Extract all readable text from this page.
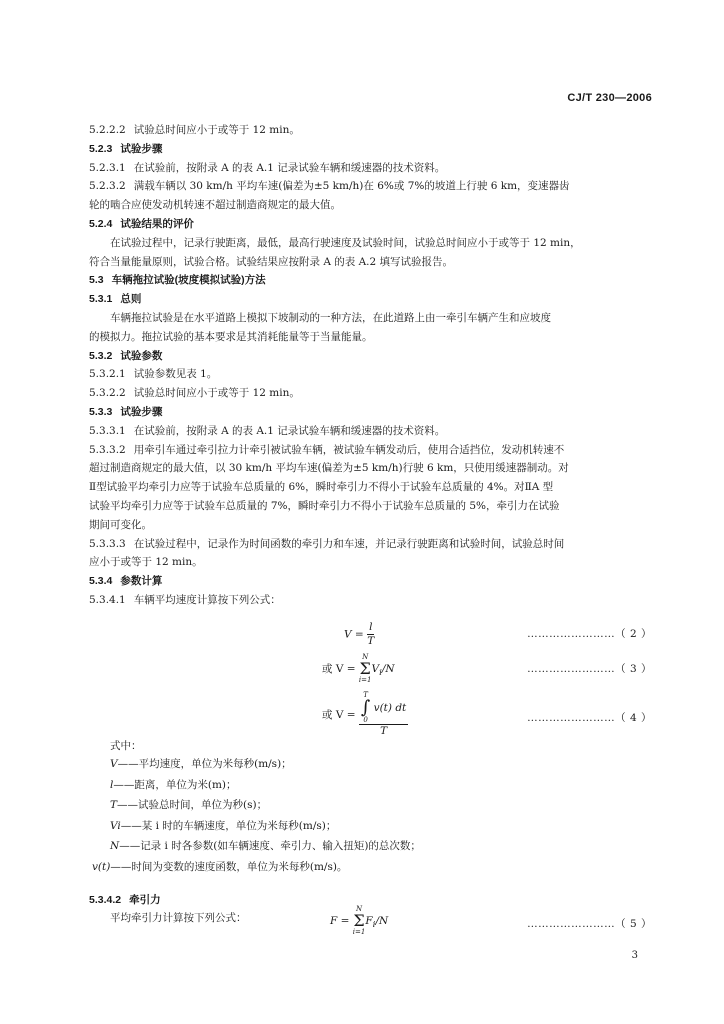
CJ/T 230—2006
5.2.2.2 试验总时间应小于或等于 12 min。
5.2.3 试验步骤
5.2.3.1 在试验前，按附录 A 的表 A.1 记录试验车辆和缓速器的技术资料。
5.2.3.2 满载车辆以 30 km/h 平均车速(偏差为±5 km/h)在 6%或 7%的坡道上行驶 6 km，变速器齿
轮的啮合应使发动机转速不超过制造商规定的最大值。
5.2.4 试验结果的评价
在试验过程中，记录行驶距离，最低，最高行驶速度及试验时间，试验总时间应小于或等于 12 min，
符合当量能量原则，试验合格。试验结果应按附录 A 的表 A.2 填写试验报告。
5.3 车辆拖拉试验(坡度模拟试验)方法
5.3.1 总则
车辆拖拉试验是在水平道路上模拟下坡制动的一种方法，在此道路上由一牵引车辆产生和应坡度
的模拟力。拖拉试验的基本要求是其消耗能量等于当量能量。
5.3.2 试验参数
5.3.2.1 试验参数见表 1。
5.3.2.2 试验总时间应小于或等于 12 min。
5.3.3 试验步骤
5.3.3.1 在试验前，按附录 A 的表 A.1 记录试验车辆和缓速器的技术资料。
5.3.3.2 用牵引车通过牵引拉力计牵引被试验车辆，被试验车辆发动后，使用合适挡位，发动机转速不
超过制造商规定的最大值，以 30 km/h 平均车速(偏差为±5 km/h)行驶 6 km，只使用缓速器制动。对
Ⅱ型试验平均牵引力应等于试验车总质量的 6%，瞬时牵引力不得小于试验车总质量的 4%。对ⅡA 型
试验平均牵引力应等于试验车总质量的 7%，瞬时牵引力不得小于试验车总质量的 5%，牵引力在试验
期间可变化。
5.3.3.3 在试验过程中，记录作为时间函数的牵引力和车速，并记录行驶距离和试验时间，试验总时间
应小于或等于 12 min。
5.3.4 参数计算
5.3.4.1 车辆平均速度计算按下列公式：
$V = \frac{l}{T}$	……………………（ 2 ）
或 V =
N
Σ
i=1
$V_i/N$	……………………（ 3 ）
或 V = T
∫
0
v(t) dt
T	……………………（ 4 ）
式中：
V——平均速度，单位为米每秒(m/s)；
l——距离，单位为米(m)；
T——试验总时间，单位为秒(s)；
Vi——某 i 时的车辆速度，单位为米每秒(m/s)；
N——记录 i 时各参数(如车辆速度、牵引力、输入扭矩)的总次数；
v(t)——时间为变数的速度函数，单位为米每秒(m/s)。
5.3.4.2 牵引力
平均牵引力计算按下列公式：	F =
N
Σ
i=1
$F_i/N$	……………………（ 5 ）
3
